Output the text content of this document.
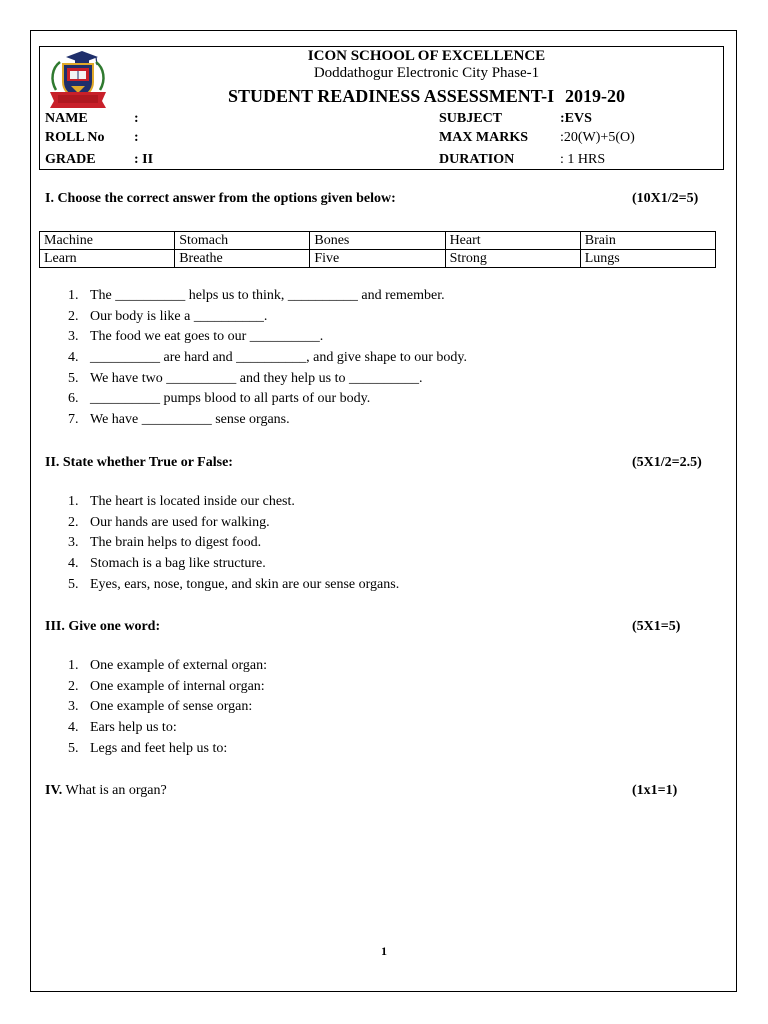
ICON SCHOOL OF EXCELLENCE
Doddathogur Electronic City Phase-1
STUDENT READINESS ASSESSMENT-I 2019-20
NAME	:
ROLL No :
GRADE	: II
SUBJECT	:EVS
MAX MARKS :20(W)+5(O)
DURATION	: 1 HRS
I. Choose the correct answer from the options given below:	(10X1/2=5)
Machine	Stomach	Bones	Heart	Brain
Learn	Breathe	Five	Strong	Lungs
1. The __________ helps us to think, __________ and remember.
2. Our body is like a __________.
3. The food we eat goes to our __________.
4. __________ are hard and __________, and give shape to our body.
5. We have two __________ and they help us to __________.
6. __________ pumps blood to all parts of our body.
7. We have __________ sense organs.
II. State whether True or False:	(5X1/2=2.5)
1. The heart is located inside our chest.
2. Our hands are used for walking.
3. The brain helps to digest food.
4. Stomach is a bag like structure.
5. Eyes, ears, nose, tongue, and skin are our sense organs.
III. Give one word:	(5X1=5)
1. One example of external organ:
2. One example of internal organ:
3. One example of sense organ:
4. Ears help us to:
5. Legs and feet help us to:
IV. What is an organ?	(1x1=1)
1
